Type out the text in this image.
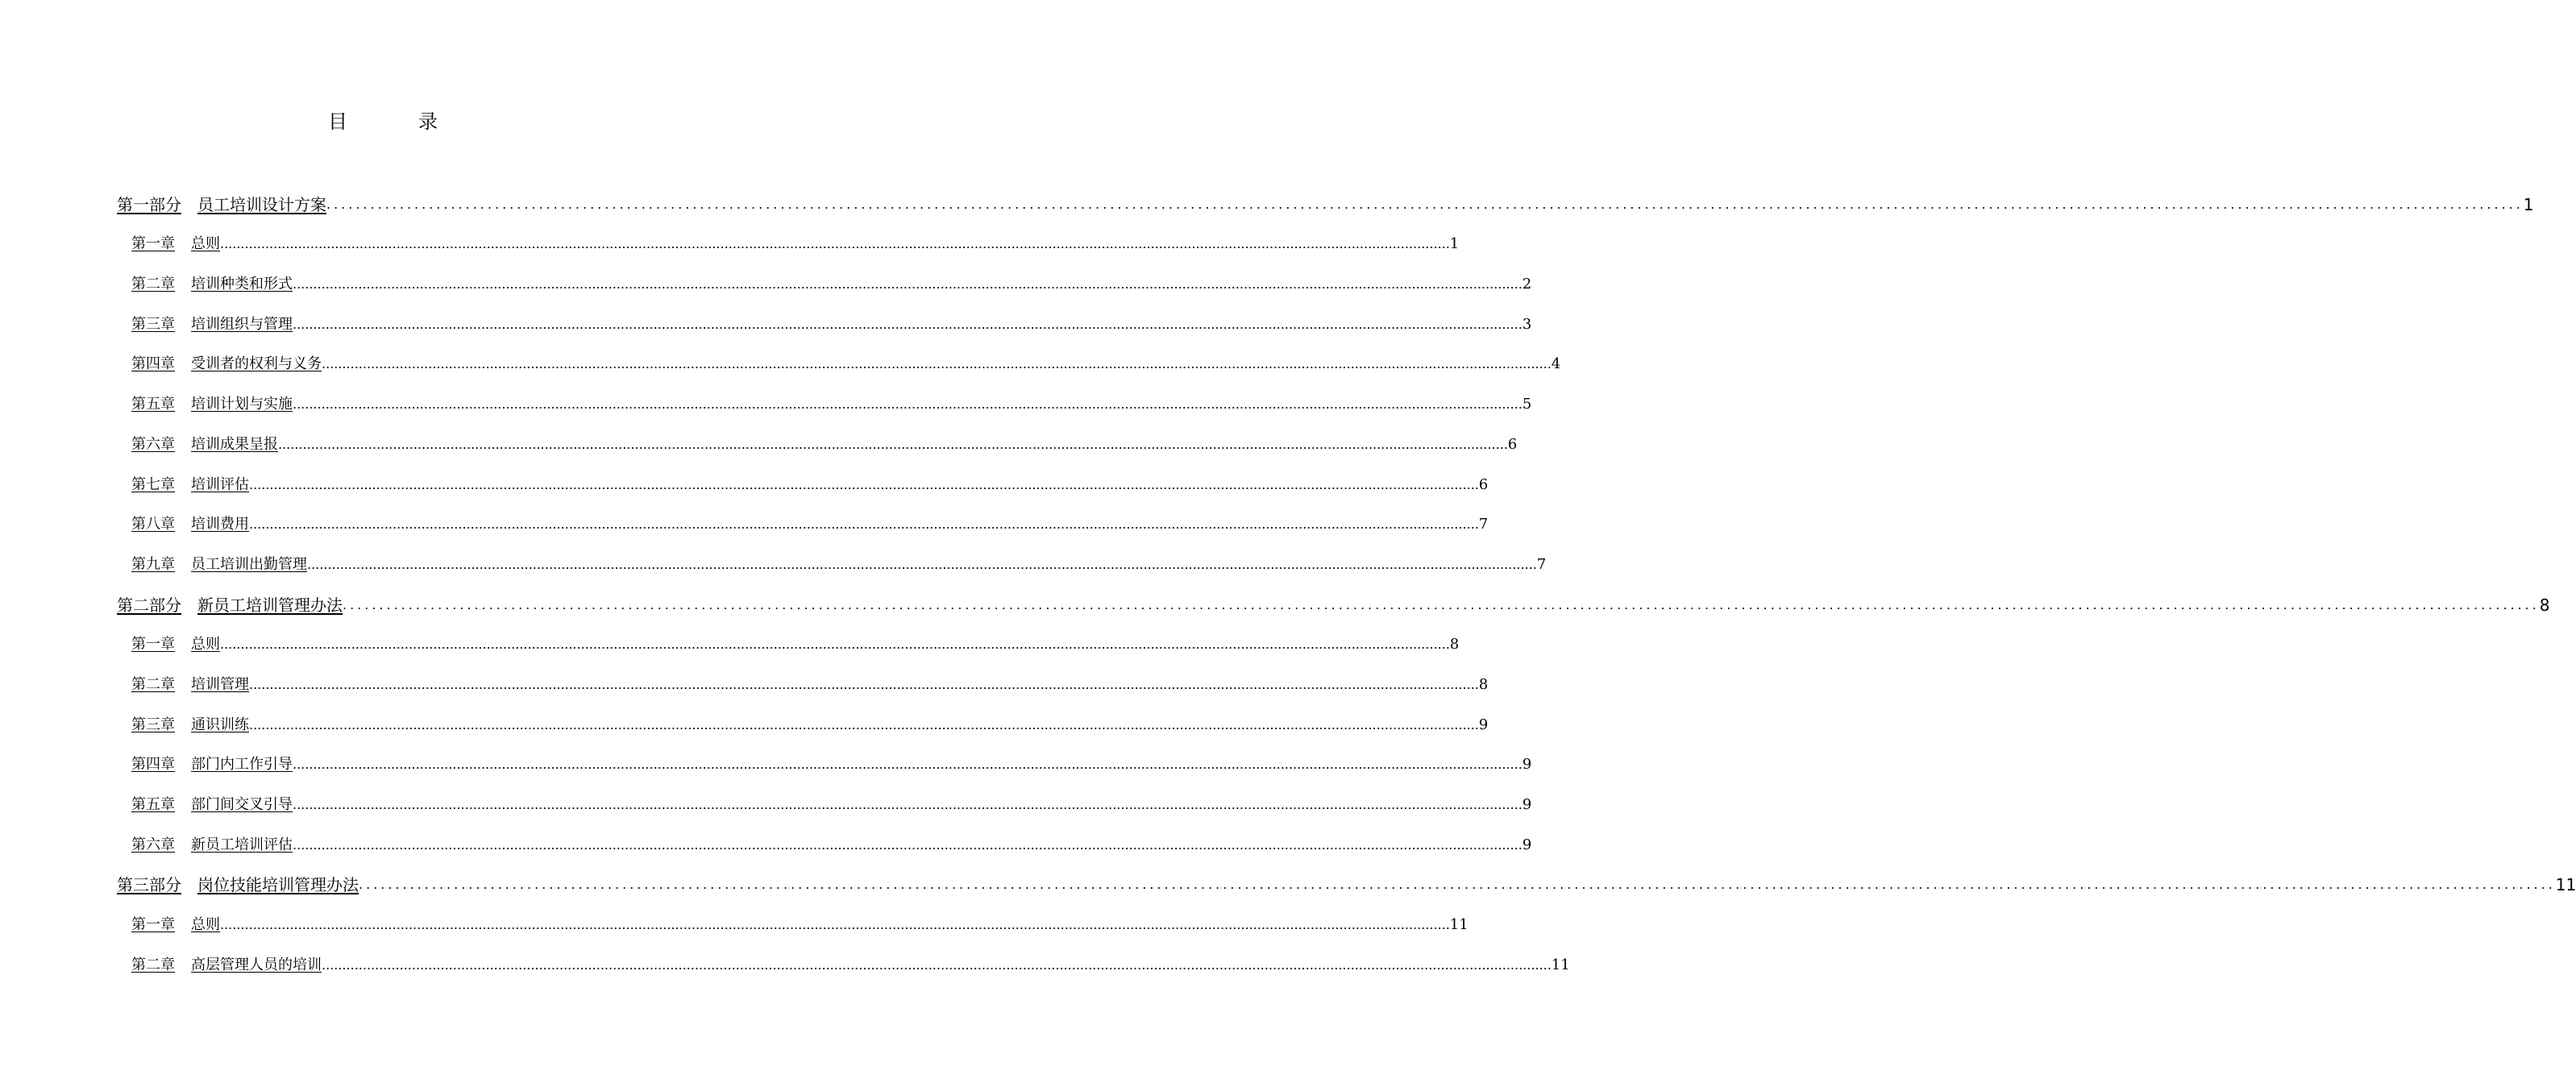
目　录
第一部分 员工培训设计方案 ............................................................................................................................................................................................................................................................................................................ 1
第一章 总则 ............................................................................................................................................................................................................................................................................................................ 1
第二章 培训种类和形式 ............................................................................................................................................................................................................................................................................................................ 2
第三章 培训组织与管理 ............................................................................................................................................................................................................................................................................................................ 3
第四章 受训者的权利与义务 ............................................................................................................................................................................................................................................................................................................ 4
第五章 培训计划与实施 ............................................................................................................................................................................................................................................................................................................ 5
第六章 培训成果呈报 ............................................................................................................................................................................................................................................................................................................ 6
第七章 培训评估 ............................................................................................................................................................................................................................................................................................................ 6
第八章 培训费用 ............................................................................................................................................................................................................................................................................................................ 7
第九章 员工培训出勤管理 ............................................................................................................................................................................................................................................................................................................ 7
第二部分 新员工培训管理办法 ............................................................................................................................................................................................................................................................................................................ 8
第一章 总则 ............................................................................................................................................................................................................................................................................................................ 8
第二章 培训管理 ............................................................................................................................................................................................................................................................................................................ 8
第三章 通识训练 ............................................................................................................................................................................................................................................................................................................ 9
第四章 部门内工作引导 ............................................................................................................................................................................................................................................................................................................ 9
第五章 部门间交叉引导 ............................................................................................................................................................................................................................................................................................................ 9
第六章 新员工培训评估 ............................................................................................................................................................................................................................................................................................................ 9
第三部分 岗位技能培训管理办法 ............................................................................................................................................................................................................................................................................................................ 11
第一章 总则 ............................................................................................................................................................................................................................................................................................................ 11
第二章 高层管理人员的培训 ............................................................................................................................................................................................................................................................................................................ 11
